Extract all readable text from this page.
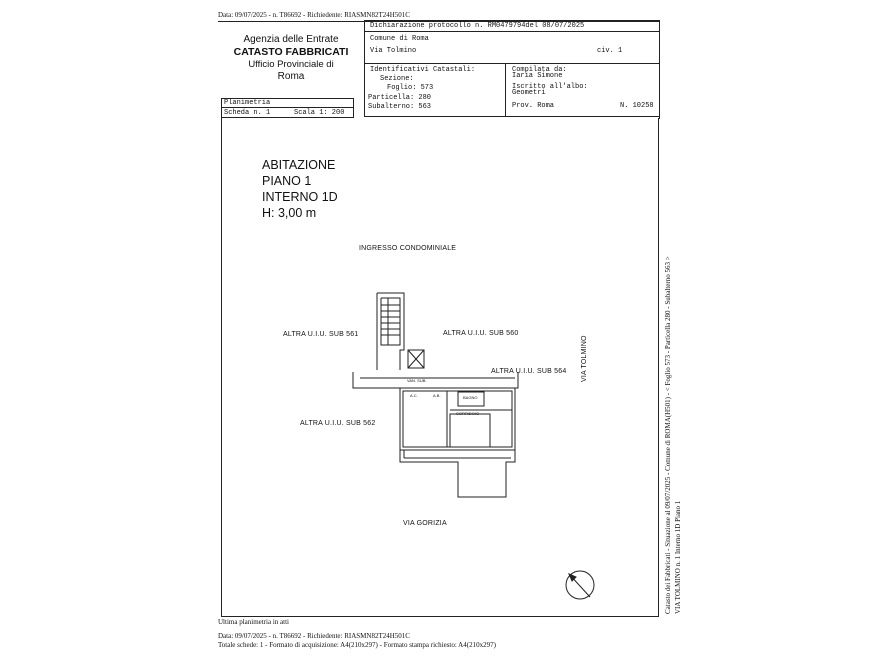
Data: 09/07/2025 - n. T86692 - Richiedente: RIASMN82T24H501C
Agenzia delle Entrate
CATASTO FABBRICATI
Ufficio Provinciale di
Roma
Dichiarazione protocollo n. RM0479794del 08/07/2025
Comune di Roma
Via Tolmino	civ. 1
Identificativi Catastali:
Sezione:
Foglio: 573
Particella: 280
Subalterno: 563
Compilata da:
Iaria Simone
Iscritto all'albo:
Geometri
Prov. Roma	N. 10258
Planimetria
Scheda n. 1	Scala 1: 200
ABITAZIONE
PIANO 1
INTERNO 1D
H: 3,00 m
INGRESSO CONDOMINIALE
ALTRA U.I.U. SUB 561	ALTRA U.I.U. SUB 560
ALTRA U.I.U. SUB 564
ALTRA U.I.U. SUB 562
VIA GORIZIA
VIA TOLMINO
VAN. SUB.
BAGNO
A.C.	A.B.
CORRIDOIO	Catasto dei Fabbricati - Situazione al 09/07/2025 - Comune di ROMA(H501) - < Foglio 573 - Particella 280 - Subalterno 563 > VIA TOLMINO n. 1 Interno 1D Piano 1
Ultima planimetria in atti
Data: 09/07/2025 - n. T86692 - Richiedente: RIASMN82T24H501C
Totale schede: 1 - Formato di acquisizione: A4(210x297) - Formato stampa richiesto: A4(210x297)
